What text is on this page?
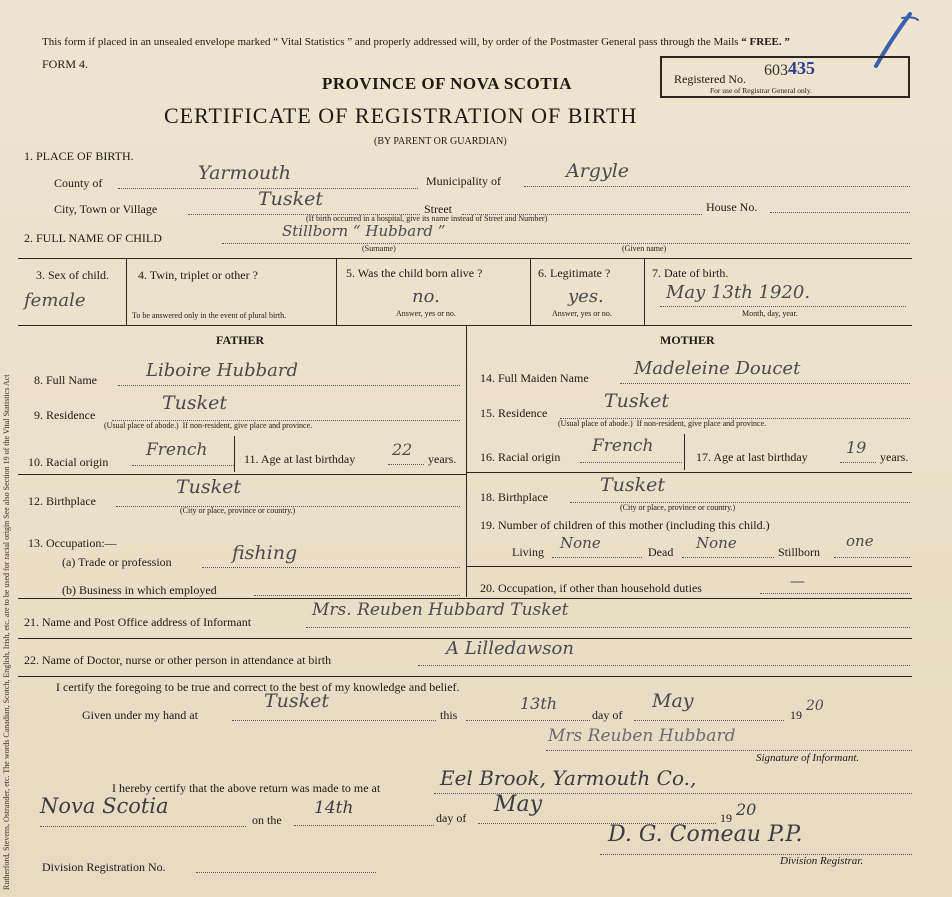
Rutherford, Stevens, Ostrander, etc. The words Canadian, Scotch, English, Irish, etc. are to be used for racial origin See also Section 19 of the Vital Statistics Act
This form if placed in an unsealed envelope marked “ Vital Statistics ” and properly addressed will, by order of the Postmaster General pass through the Mails “ FREE. ”
FORM 4.
PROVINCE OF NOVA SCOTIA
CERTIFICATE OF REGISTRATION OF BIRTH
(BY PARENT OR GUARDIAN)
Registered No. 603 435
For use of Registrar General only.
1. PLACE OF BIRTH.
County of	Yarmouth	Municipality of	Argyle
City, Town or Village	Tusket	Street	House No.
(If birth occurred in a hospital, give its name instead of Street and Number)
2. FULL NAME OF CHILD	Stillborn “ Hubbard ”
(Surname)	(Given name)
3. Sex of child.
female
4. Twin, triplet or other ?
To be answered only in the event of plural birth.
5. Was the child born alive ?
no.
Answer, yes or no.
6. Legitimate ?
yes.
Answer, yes or no.
7. Date of birth.
May 13th 1920.
Month, day, year.
FATHER	MOTHER
8. Full Name	Liboire Hubbard
9. Residence
Tusket
(Usual place of abode.) If non-resident, give place and province.
10. Racial origin
French	11. Age at last birthday 22 years.
12. Birthplace
Tusket
(City or place, province or country.)
13. Occupation:—
(a) Trade or profession	fishing
(b) Business in which employed
14. Full Maiden Name	Madeleine Doucet
15. Residence
Tusket
(Usual place of abode.) If non-resident, give place and province.
16. Racial origin
French
17. Age at last birthday 19 years.
18. Birthplace
Tusket
(City or place, province or country.)
19. Number of children of this mother (including this child.)
Living None	Dead None	Stillborn
one
20. Occupation, if other than household duties	—
21. Name and Post Office address of Informant
Mrs. Reuben Hubbard Tusket
22. Name of Doctor, nurse or other person in attendance at birth
A Lilledawson
I certify the foregoing to be true and correct to the best of my knowledge and belief.
Given under my hand at
Tusket
this
13th
day of
May
19
20
Mrs Reuben Hubbard
Signature of Informant.
I hereby certify that the above return was made to me at	Eel Brook, Yarmouth Co.,
Nova Scotia
on the
14th	day of
May
19 20
D. G. Comeau P.P.
Division Registrar.
Division Registration No.
